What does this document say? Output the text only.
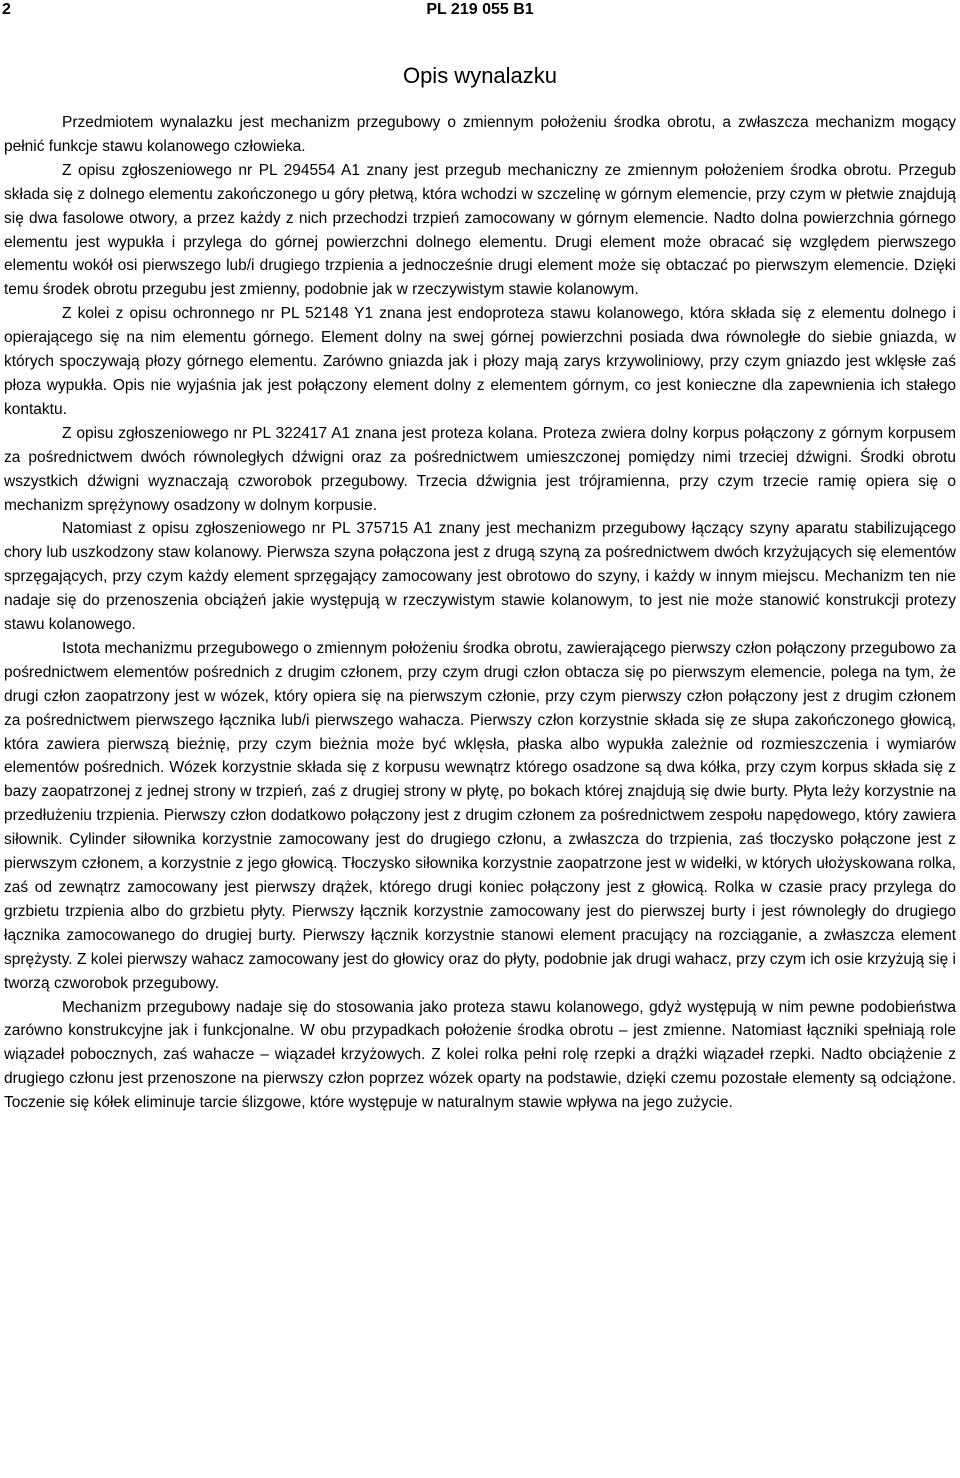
2	PL 219 055 B1
Opis wynalazku

Przedmiotem wynalazku jest mechanizm przegubowy o zmiennym położeniu środka obrotu, a zwłaszcza mechanizm mogący pełnić funkcje stawu kolanowego człowieka.

Z opisu zgłoszeniowego nr PL 294554 A1 znany jest przegub mechaniczny ze zmiennym położeniem środka obrotu. Przegub składa się z dolnego elementu zakończonego u góry płetwą, która wchodzi w szczelinę w górnym elemencie, przy czym w płetwie znajdują się dwa fasolowe otwory, a przez każdy z nich przechodzi trzpień zamocowany w górnym elemencie. Nadto dolna powierzchnia górnego elementu jest wypukła i przylega do górnej powierzchni dolnego elementu. Drugi element może obracać się względem pierwszego elementu wokół osi pierwszego lub/i drugiego trzpienia a jednocześnie drugi element może się obtaczać po pierwszym elemencie. Dzięki temu środek obrotu przegubu jest zmienny, podobnie jak w rzeczywistym stawie kolanowym.

Z kolei z opisu ochronnego nr PL 52148 Y1 znana jest endoproteza stawu kolanowego, która składa się z elementu dolnego i opierającego się na nim elementu górnego. Element dolny na swej górnej powierzchni posiada dwa równoległe do siebie gniazda, w których spoczywają płozy górnego elementu. Zarówno gniazda jak i płozy mają zarys krzywoliniowy, przy czym gniazdo jest wklęsłe zaś płoza wypukła. Opis nie wyjaśnia jak jest połączony element dolny z elementem górnym, co jest konieczne dla zapewnienia ich stałego kontaktu.

Z opisu zgłoszeniowego nr PL 322417 A1 znana jest proteza kolana. Proteza zwiera dolny korpus połączony z górnym korpusem za pośrednictwem dwóch równoległych dźwigni oraz za pośrednictwem umieszczonej pomiędzy nimi trzeciej dźwigni. Środki obrotu wszystkich dźwigni wyznaczają czworobok przegubowy. Trzecia dźwignia jest trójramienna, przy czym trzecie ramię opiera się o mechanizm sprężynowy osadzony w dolnym korpusie.

Natomiast z opisu zgłoszeniowego nr PL 375715 A1 znany jest mechanizm przegubowy łączący szyny aparatu stabilizującego chory lub uszkodzony staw kolanowy. Pierwsza szyna połączona jest z drugą szyną za pośrednictwem dwóch krzyżujących się elementów sprzęgających, przy czym każdy element sprzęgający zamocowany jest obrotowo do szyny, i każdy w innym miejscu. Mechanizm ten nie nadaje się do przenoszenia obciążeń jakie występują w rzeczywistym stawie kolanowym, to jest nie może stanowić konstrukcji protezy stawu kolanowego.

Istota mechanizmu przegubowego o zmiennym położeniu środka obrotu, zawierającego pierwszy człon połączony przegubowo za pośrednictwem elementów pośrednich z drugim członem, przy czym drugi człon obtacza się po pierwszym elemencie, polega na tym, że drugi człon zaopatrzony jest w wózek, który opiera się na pierwszym członie, przy czym pierwszy człon połączony jest z drugim członem za pośrednictwem pierwszego łącznika lub/i pierwszego wahacza. Pierwszy człon korzystnie składa się ze słupa zakończonego głowicą, która zawiera pierwszą bieżnię, przy czym bieżnia może być wklęsła, płaska albo wypukła zależnie od rozmieszczenia i wymiarów elementów pośrednich. Wózek korzystnie składa się z korpusu wewnątrz którego osadzone są dwa kółka, przy czym korpus składa się z bazy zaopatrzonej z jednej strony w trzpień, zaś z drugiej strony w płytę, po bokach której znajdują się dwie burty. Płyta leży korzystnie na przedłużeniu trzpienia. Pierwszy człon dodatkowo połączony jest z drugim członem za pośrednictwem zespołu napędowego, który zawiera siłownik. Cylinder siłownika korzystnie zamocowany jest do drugiego członu, a zwłaszcza do trzpienia, zaś tłoczysko połączone jest z pierwszym członem, a korzystnie z jego głowicą. Tłoczysko siłownika korzystnie zaopatrzone jest w widełki, w których ułożyskowana rolka, zaś od zewnątrz zamocowany jest pierwszy drążek, którego drugi koniec połączony jest z głowicą. Rolka w czasie pracy przylega do grzbietu trzpienia albo do grzbietu płyty. Pierwszy łącznik korzystnie zamocowany jest do pierwszej burty i jest równoległy do drugiego łącznika zamocowanego do drugiej burty. Pierwszy łącznik korzystnie stanowi element pracujący na rozciąganie, a zwłaszcza element sprężysty. Z kolei pierwszy wahacz zamocowany jest do głowicy oraz do płyty, podobnie jak drugi wahacz, przy czym ich osie krzyżują się i tworzą czworobok przegubowy.

Mechanizm przegubowy nadaje się do stosowania jako proteza stawu kolanowego, gdyż występują w nim pewne podobieństwa zarówno konstrukcyjne jak i funkcjonalne. W obu przypadkach położenie środka obrotu – jest zmienne. Natomiast łączniki spełniają role wiązadeł pobocznych, zaś wahacze – wiązadeł krzyżowych. Z kolei rolka pełni rolę rzepki a drążki wiązadeł rzepki. Nadto obciążenie z drugiego członu jest przenoszone na pierwszy człon poprzez wózek oparty na podstawie, dzięki czemu pozostałe elementy są odciążone. Toczenie się kółek eliminuje tarcie ślizgowe, które występuje w naturalnym stawie wpływa na jego zużycie.
